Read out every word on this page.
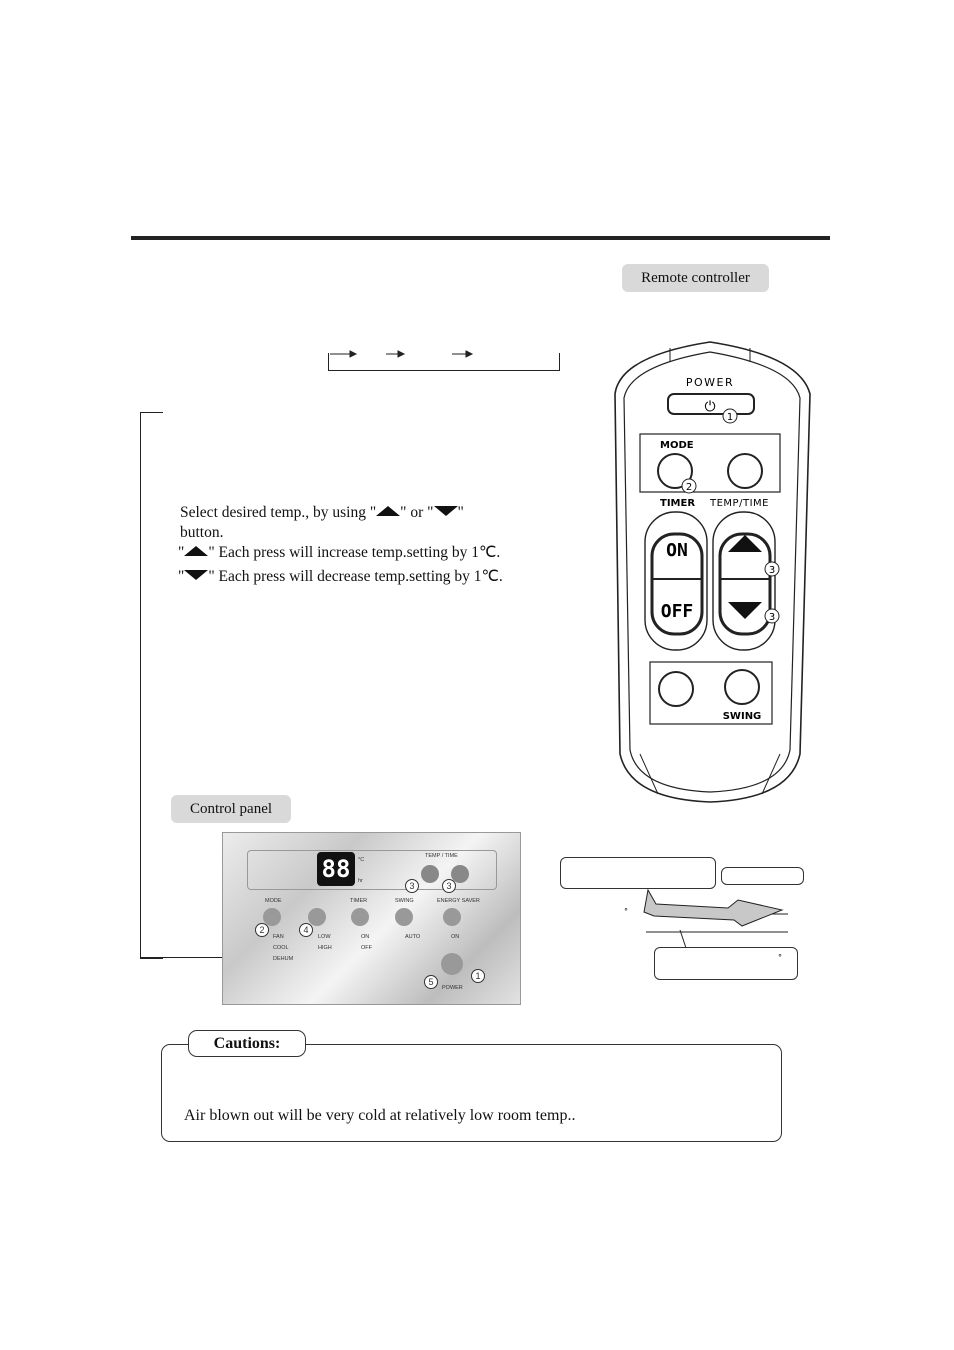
Remote controller
Control panel
Select desired temp., by using " " or " "
button.
" " Each press will increase temp.setting by 1℃.
" " Each press will decrease temp.setting by 1℃.
POWER
⏻
1
MODE
2
TIMER TEMP/TIME
ON
OFF
3
3
SWING
88	°C
hr
TEMP / TIME
3	3
MODE	TIMER	SWING	ENERGY SAVER
2	4
FAN
COOL
DEHUM
LOW
HIGH
ON
OFF
AUTO	ON
POWER
5
1
°
°
Cautions:
Air blown out will be very cold at relatively low room temp..
